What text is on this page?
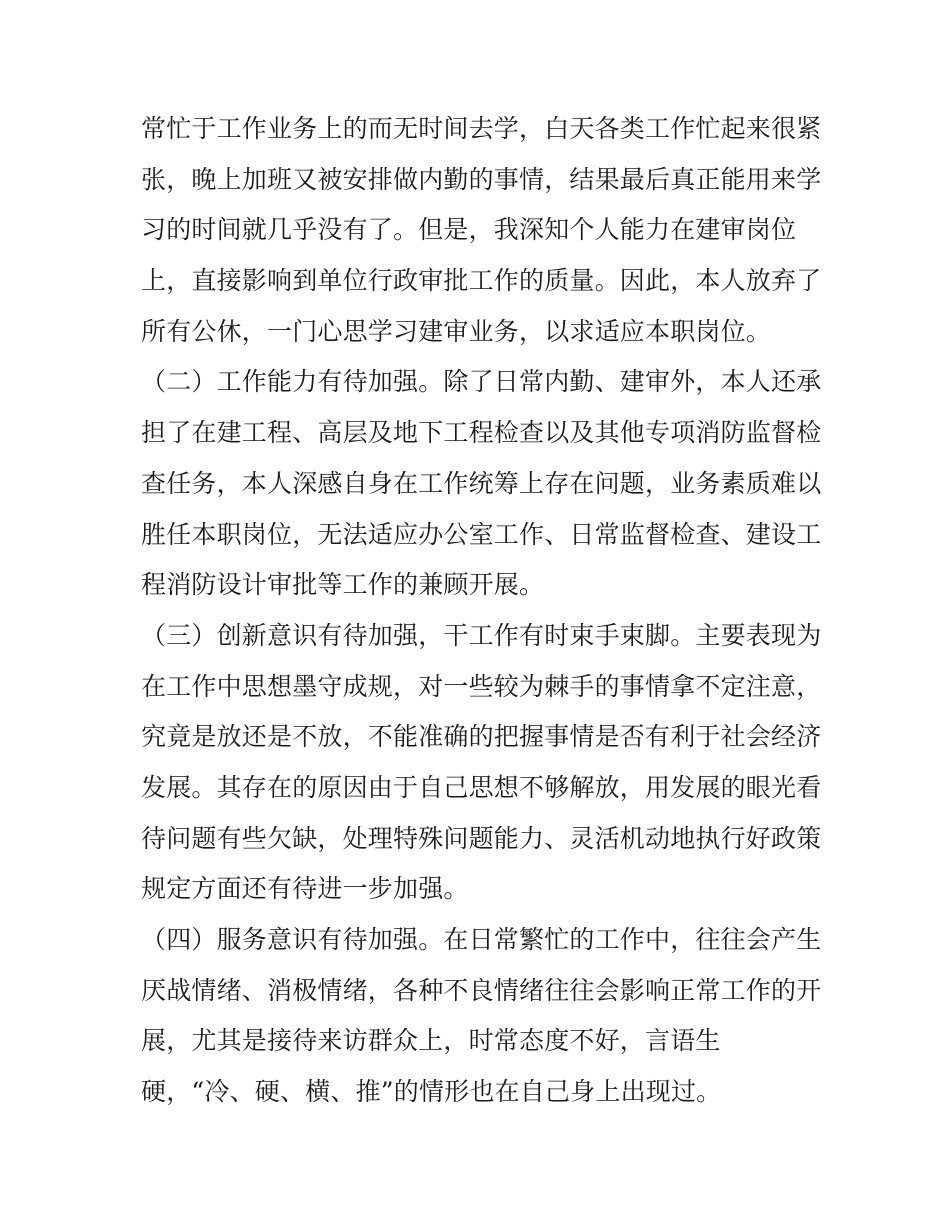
常忙于工作业务上的而无时间去学，白天各类工作忙起来很紧
张，晚上加班又被安排做内勤的事情，结果最后真正能用来学
习的时间就几乎没有了。但是，我深知个人能力在建审岗位
上，直接影响到单位行政审批工作的质量。因此，本人放弃了
所有公休，一门心思学习建审业务，以求适应本职岗位。
（二）工作能力有待加强。除了日常内勤、建审外，本人还承
担了在建工程、高层及地下工程检查以及其他专项消防监督检
查任务，本人深感自身在工作统筹上存在问题，业务素质难以
胜任本职岗位，无法适应办公室工作、日常监督检查、建设工
程消防设计审批等工作的兼顾开展。
（三）创新意识有待加强，干工作有时束手束脚。主要表现为
在工作中思想墨守成规，对一些较为棘手的事情拿不定注意，
究竟是放还是不放，不能准确的把握事情是否有利于社会经济
发展。其存在的原因由于自己思想不够解放，用发展的眼光看
待问题有些欠缺，处理特殊问题能力、灵活机动地执行好政策
规定方面还有待进一步加强。
（四）服务意识有待加强。在日常繁忙的工作中，往往会产生
厌战情绪、消极情绪，各种不良情绪往往会影响正常工作的开
展，尤其是接待来访群众上，时常态度不好，言语生
硬，“冷、硬、横、推”的情形也在自己身上出现过。
